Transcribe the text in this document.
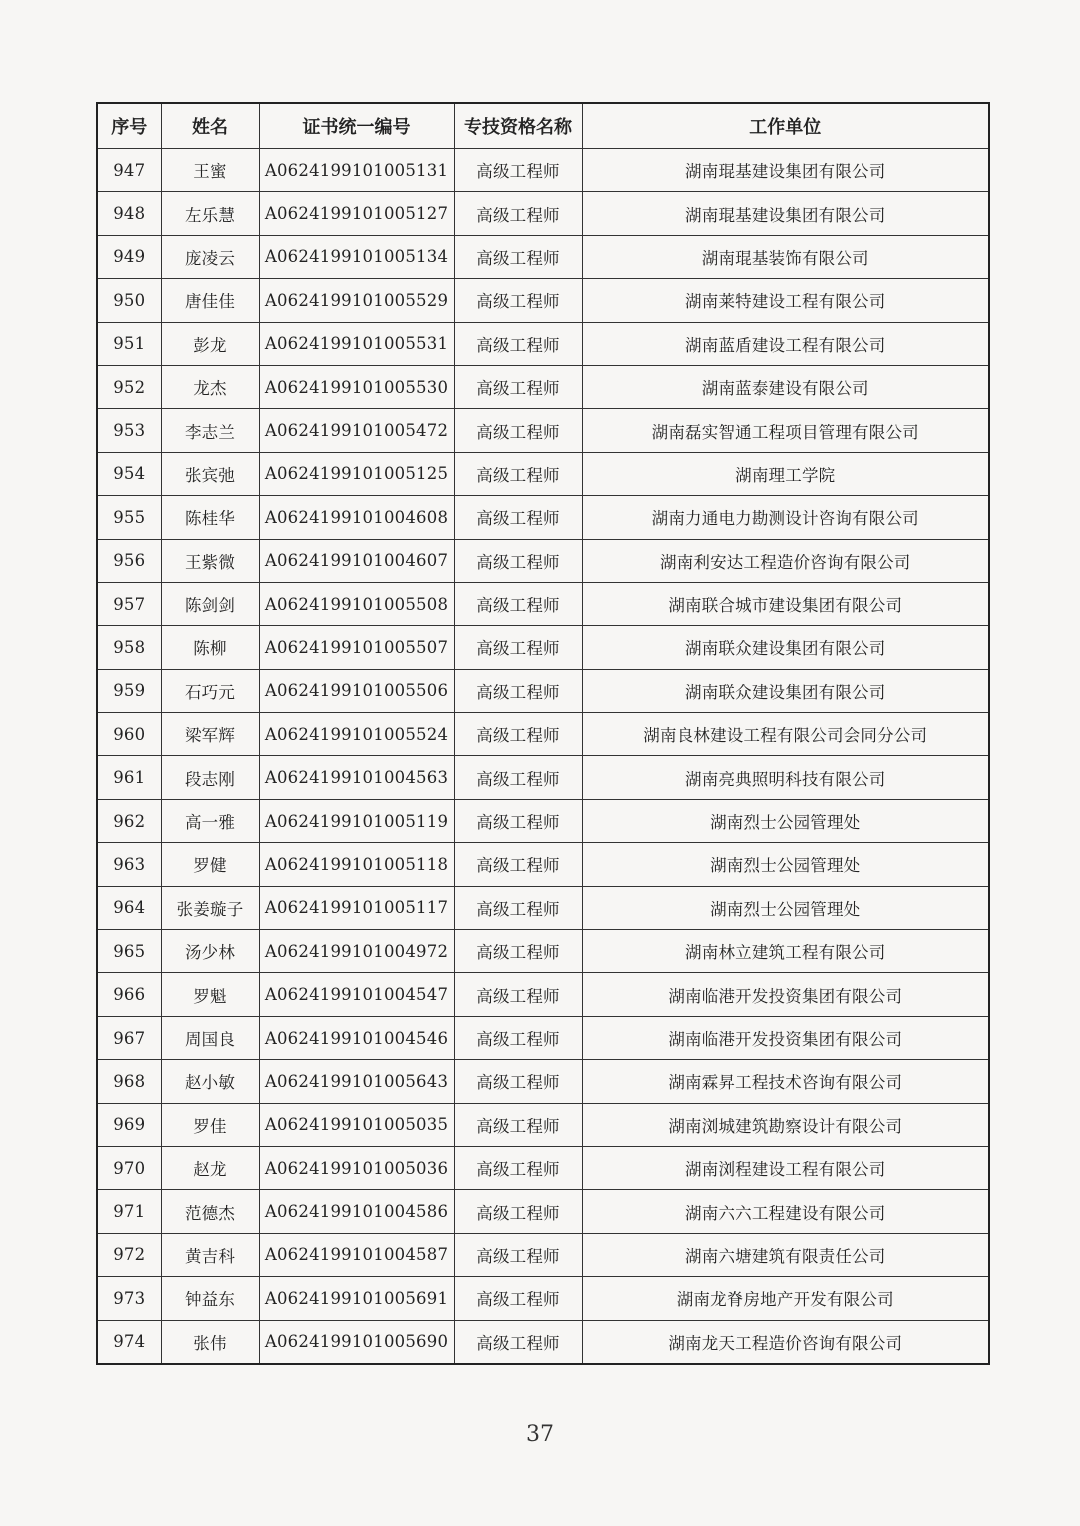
序号	姓名	证书统一编号	专技资格名称	工作单位
947	王蜜	A0624199101005131	高级工程师	湖南琨基建设集团有限公司
948	左乐慧	A0624199101005127	高级工程师	湖南琨基建设集团有限公司
949	庞凌云	A0624199101005134	高级工程师	湖南琨基装饰有限公司
950	唐佳佳	A0624199101005529	高级工程师	湖南莱特建设工程有限公司
951	彭龙	A0624199101005531	高级工程师	湖南蓝盾建设工程有限公司
952	龙杰	A0624199101005530	高级工程师	湖南蓝泰建设有限公司
953	李志兰	A0624199101005472	高级工程师	湖南磊实智通工程项目管理有限公司
954	张宾弛	A0624199101005125	高级工程师	湖南理工学院
955	陈桂华	A0624199101004608	高级工程师	湖南力通电力勘测设计咨询有限公司
956	王紫微	A0624199101004607	高级工程师	湖南利安达工程造价咨询有限公司
957	陈剑剑	A0624199101005508	高级工程师	湖南联合城市建设集团有限公司
958	陈柳	A0624199101005507	高级工程师	湖南联众建设集团有限公司
959	石巧元	A0624199101005506	高级工程师	湖南联众建设集团有限公司
960	梁军辉	A0624199101005524	高级工程师	湖南良林建设工程有限公司会同分公司
961	段志刚	A0624199101004563	高级工程师	湖南亮典照明科技有限公司
962	高一雅	A0624199101005119	高级工程师	湖南烈士公园管理处
963	罗健	A0624199101005118	高级工程师	湖南烈士公园管理处
964	张姜璇子	A0624199101005117	高级工程师	湖南烈士公园管理处
965	汤少林	A0624199101004972	高级工程师	湖南林立建筑工程有限公司
966	罗魁	A0624199101004547	高级工程师	湖南临港开发投资集团有限公司
967	周国良	A0624199101004546	高级工程师	湖南临港开发投资集团有限公司
968	赵小敏	A0624199101005643	高级工程师	湖南霖昇工程技术咨询有限公司
969	罗佳	A0624199101005035	高级工程师	湖南浏城建筑勘察设计有限公司
970	赵龙	A0624199101005036	高级工程师	湖南浏程建设工程有限公司
971	范德杰	A0624199101004586	高级工程师	湖南六六工程建设有限公司
972	黄吉科	A0624199101004587	高级工程师	湖南六塘建筑有限责任公司
973	钟益东	A0624199101005691	高级工程师	湖南龙脊房地产开发有限公司
974	张伟	A0624199101005690	高级工程师	湖南龙天工程造价咨询有限公司
37
